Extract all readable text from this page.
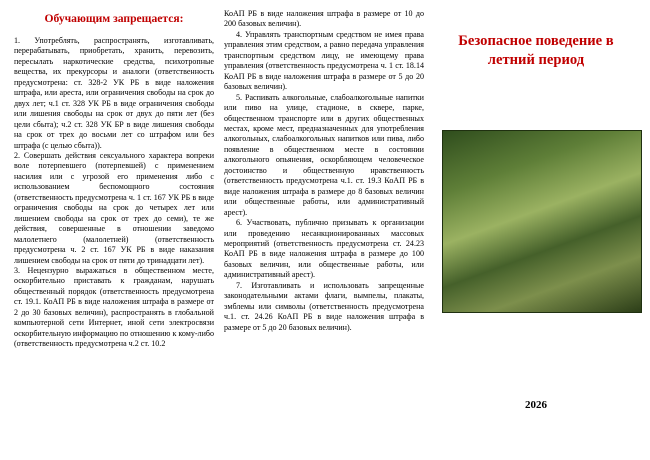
Обучающим запрещается:

1. Употреблять, распространять, изготавливать, перерабатывать, приобретать, хранить, перевозить, пересылать наркотические средства, психотропные вещества, их прекурсоры и аналоги (ответственность предусмотрена: ст. 328-2 УК РБ в виде наложения штрафа, или ареста, или ограничения свободы на срок до двух лет; ч.1 ст. 328 УК РБ в виде ограничения свободы или лишения свободы на срок от двух до пяти лет (без цели сбыта); ч.2 ст. 328 УК БР в виде лишения свободы на срок от трех до восьми лет со штрафом или без штрафа (с целью сбыта)).

2. Совершать действия сексуального характера вопреки воле потерпевшего (потерпевшей) с применением насилия или с угрозой его применения либо с использованием беспомощного состояния (ответственность предусмотрена ч. 1 ст. 167 УК РБ в виде ограничения свободы на срок до четырех лет или лишением свободы на срок от трех до семи), те же действия, совершенные в отношении заведомо малолетнего (малолетней) (ответственность предусмотрена ч. 2 ст. 167 УК РБ в виде наказания лишением свободы на срок от пяти до тринадцати лет).

3. Нецензурно выражаться в общественном месте, оскорбительно приставать к гражданам, нарушать общественный порядок (ответственность предусмотрена ст. 19.1. КоАП РБ в виде наложения штрафа в размере от 2 до 30 базовых величин), распространять в глобальной компьютерной сети Интернет, иной сети электросвязи оскорбительную информацию по отношению к кому-либо (ответственность предусмотрена ч.2 ст. 10.2

КоАП РБ в виде наложения штрафа в размере от 10 до 200 базовых величин).

4. Управлять транспортным средством не имея права управления этим средством, а равно передача управления транспортным средством лицу, не имеющему права управления (ответственность предусмотрена ч. 1 ст. 18.14 КоАП РБ в виде наложения штрафа в размере от 5 до 20 базовых величин).

5. Распивать алкогольные, слабоалкогольные напитки или пиво на улице, стадионе, в сквере, парке, общественном транспорте или в других общественных местах, кроме мест, предназначенных для употребления алкогольных, слабоалкогольных напитков или пива, либо появление в общественном месте в состоянии алкогольного опьянения, оскорбляющем человеческое достоинство и общественную нравственность (ответственность предусмотрена ч.1. ст. 19.3 КоАП РБ в виде наложения штрафа в размере до 8 базовых величин или общественные работы, или административный арест).

6. Участвовать, публично призывать к организации или проведению несанкционированных массовых мероприятий (ответственность предусмотрена ст. 24.23 КоАП РБ в виде наложения штрафа в размере до 100 базовых величин, или общественные работы, или административный арест).

7. Изготавливать и использовать запрещенные законодательными актами флаги, вымпелы, плакаты, эмблемы или символы (ответственность предусмотрена ч.1. ст. 24.26 КоАП РБ в виде наложения штрафа в размере от 5 до 20 базовых величин).

Безопасное поведение в летний период
2026
